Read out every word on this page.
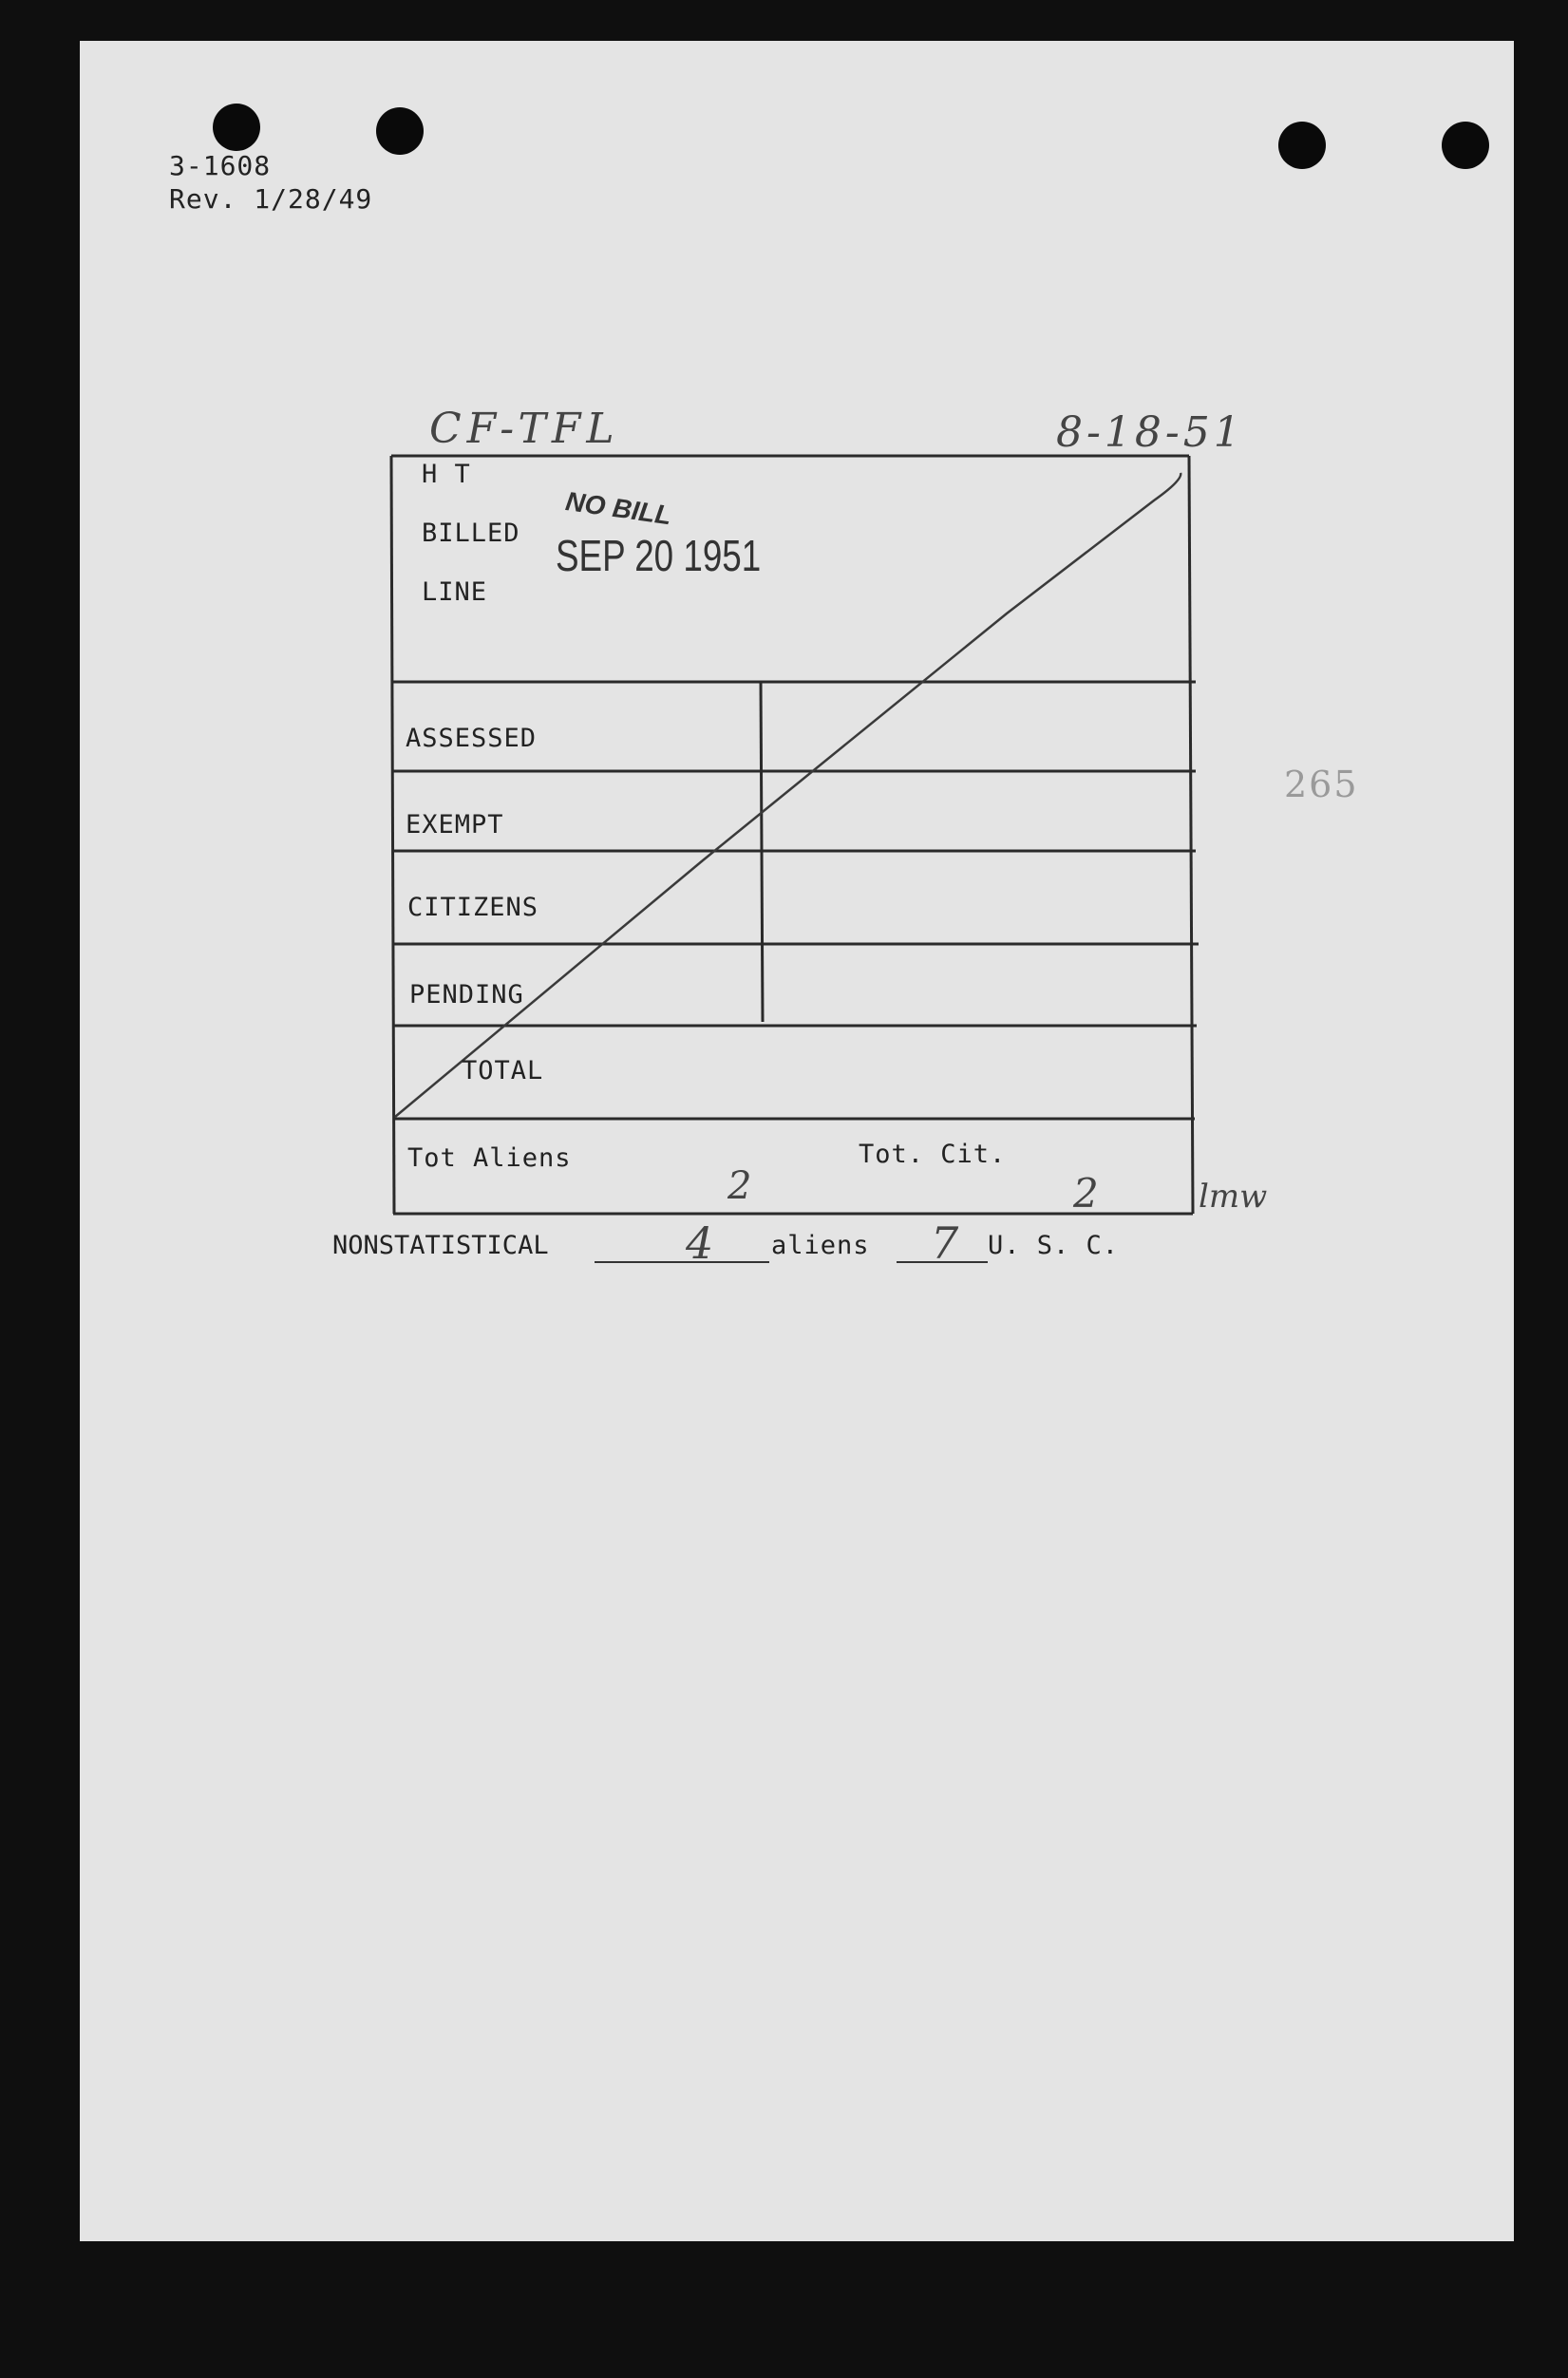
3-1608
Rev. 1/28/49
CF-TFL	8-18-51
H T
BILLED
LINE
NO BILL
SEP 20 1951
ASSESSED
EXEMPT
CITIZENS
PENDING
TOTAL
Tot Aliens	Tot. Cit.
2	2	lmw
265
NONSTATISTICAL	4 aliens 7 U. S. C.
